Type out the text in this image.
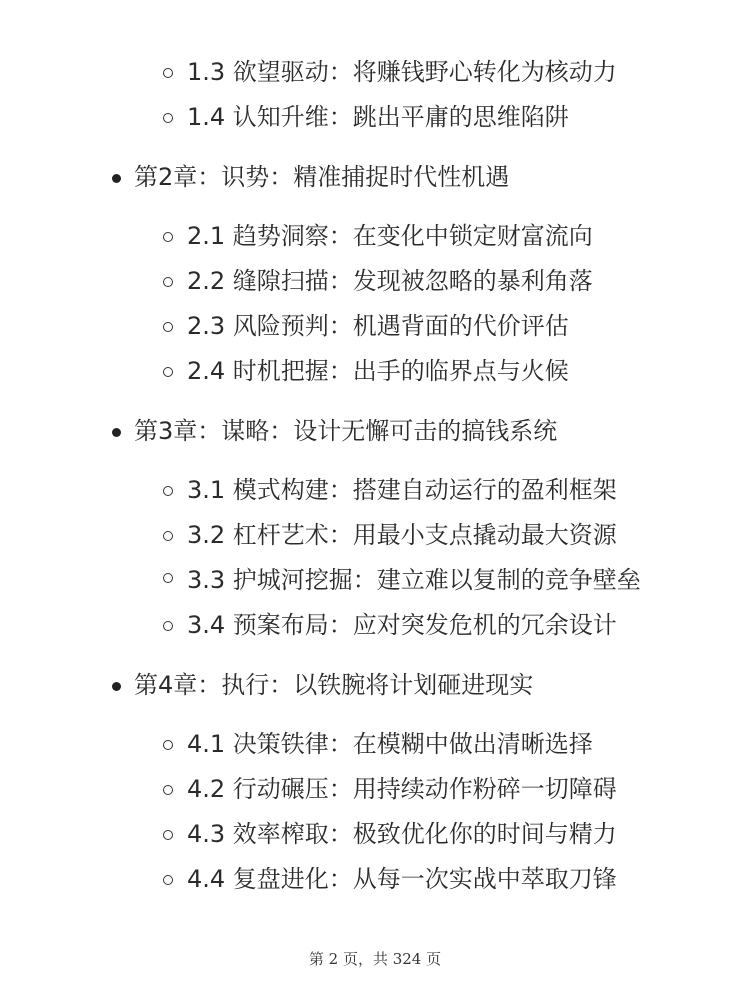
1.3 欲望驱动：将赚钱野心转化为核动力
1.4 认知升维：跳出平庸的思维陷阱
第2章：识势：精准捕捉时代性机遇
2.1 趋势洞察：在变化中锁定财富流向
2.2 缝隙扫描：发现被忽略的暴利角落
2.3 风险预判：机遇背面的代价评估
2.4 时机把握：出手的临界点与火候
第3章：谋略：设计无懈可击的搞钱系统
3.1 模式构建：搭建自动运行的盈利框架
3.2 杠杆艺术：用最小支点撬动最大资源
3.3 护城河挖掘：建立难以复制的竞争壁垒
3.4 预案布局：应对突发危机的冗余设计
第4章：执行：以铁腕将计划砸进现实
4.1 决策铁律：在模糊中做出清晰选择
4.2 行动碾压：用持续动作粉碎一切障碍
4.3 效率榨取：极致优化你的时间与精力
4.4 复盘进化：从每一次实战中萃取刀锋
第 2 页，共 324 页
